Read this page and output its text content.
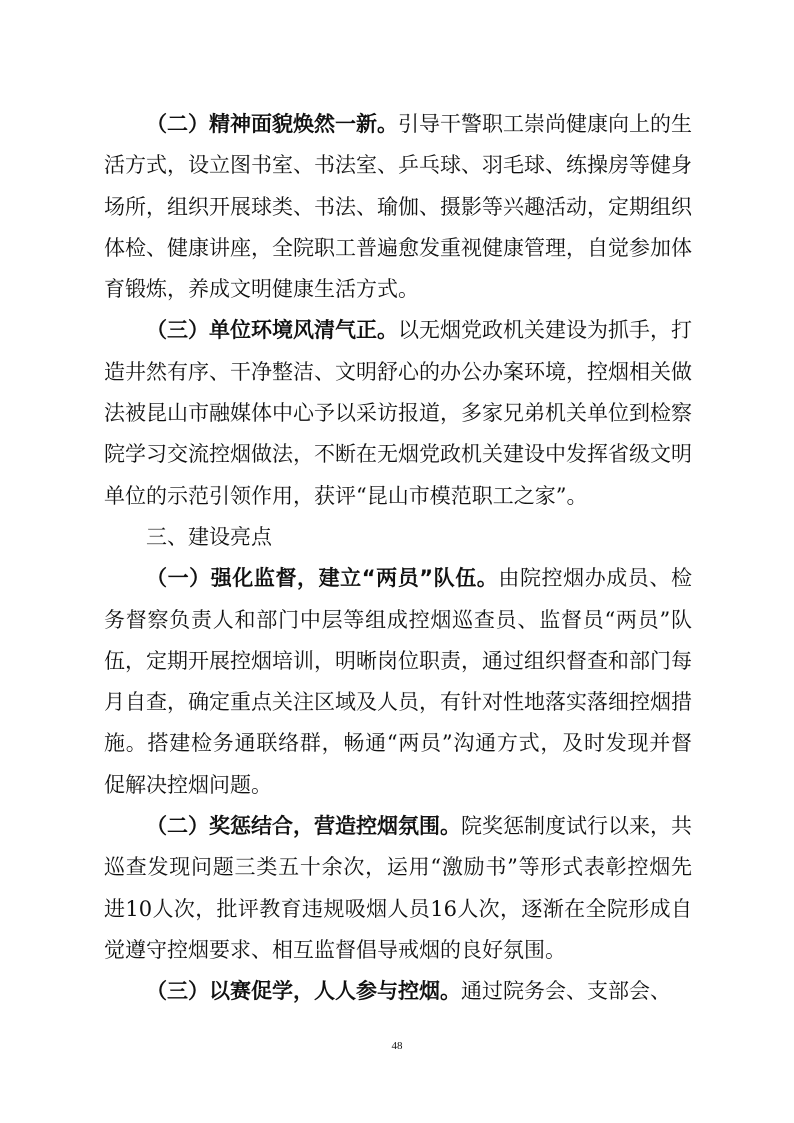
（二）精神面貌焕然一新。引导干警职工崇尚健康向上的生活方式，设立图书室、书法室、乒乓球、羽毛球、练操房等健身场所，组织开展球类、书法、瑜伽、摄影等兴趣活动，定期组织体检、健康讲座，全院职工普遍愈发重视健康管理，自觉参加体育锻炼，养成文明健康生活方式。

（三）单位环境风清气正。以无烟党政机关建设为抓手，打造井然有序、干净整洁、文明舒心的办公办案环境，控烟相关做法被昆山市融媒体中心予以采访报道，多家兄弟机关单位到检察院学习交流控烟做法，不断在无烟党政机关建设中发挥省级文明单位的示范引领作用，获评“昆山市模范职工之家”。

三、建设亮点

（一）强化监督，建立“两员”队伍。由院控烟办成员、检务督察负责人和部门中层等组成控烟巡查员、监督员“两员”队伍，定期开展控烟培训，明晰岗位职责，通过组织督查和部门每月自查，确定重点关注区域及人员，有针对性地落实落细控烟措施。搭建检务通联络群，畅通“两员”沟通方式，及时发现并督促解决控烟问题。

（二）奖惩结合，营造控烟氛围。院奖惩制度试行以来，共巡查发现问题三类五十余次，运用“激励书”等形式表彰控烟先进10人次，批评教育违规吸烟人员16人次，逐渐在全院形成自觉遵守控烟要求、相互监督倡导戒烟的良好氛围。

（三）以赛促学，人人参与控烟。通过院务会、支部会、

48
